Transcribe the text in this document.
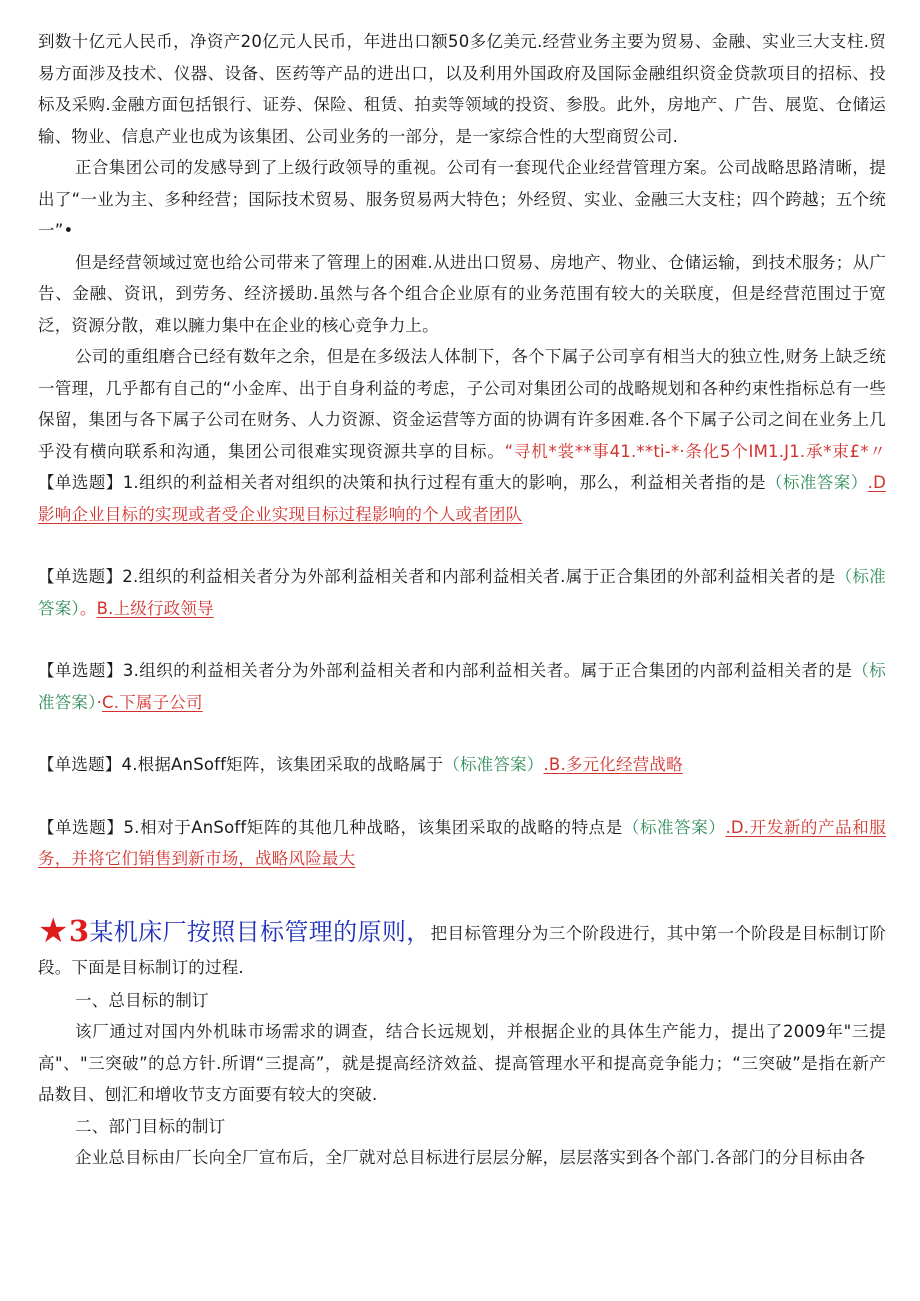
到数十亿元人民币，净资产20亿元人民币，年进出口额50多亿美元.经营业务主要为贸易、金融、实业三大支柱.贸易方面涉及技术、仪器、设备、医药等产品的进出口，以及利用外国政府及国际金融组织资金贷款项目的招标、投标及采购.金融方面包括银行、证券、保险、租赁、拍卖等领域的投资、参股。此外，房地产、广告、展览、仓储运输、物业、信息产业也成为该集团、公司业务的一部分，是一家综合性的大型商贸公司.

正合集团公司的发感导到了上级行政领导的重视。公司有一套现代企业经营管理方案。公司战略思路清晰，提出了“一业为主、多种经营；国际技术贸易、服务贸易两大特色；外经贸、实业、金融三大支柱；四个跨越；五个统一”•

但是经营领域过宽也给公司带来了管理上的困难.从进出口贸易、房地产、物业、仓储运输，到技术服务；从广告、金融、资讯，到劳务、经济援助.虽然与各个组合企业原有的业务范围有较大的关联度，但是经营范围过于宽泛，资源分散，难以臃力集中在企业的核心竞争力上。

公司的重组磨合已经有数年之余，但是在多级法人体制下，各个下属子公司享有相当大的独立性,财务上缺乏统一管理，几乎都有自己的“小金库、出于自身利益的考虑，子公司对集团公司的战略规划和各种约束性指标总有一些保留，集团与各下属子公司在财务、人力资源、资金运营等方面的协调有许多困难.各个下属子公司之间在业务上几乎没有横向联系和沟通，集团公司很难实现资源共享的目标。“寻机*裳**事41.**ti-*·条化5个IM1.J1.承*束£*〃【单选题】1.组织的利益相关者对组织的决策和执行过程有重大的影响，那么，利益相关者指的是（标准答案）.D影响企业目标的实现或者受企业实现目标过程影响的个人或者团队

【单选题】2.组织的利益相关者分为外部利益相关者和内部利益相关者.属于正合集团的外部利益相关者的是（标准答案）。B.上级行政领导

【单选题】3.组织的利益相关者分为外部利益相关者和内部利益相关者。属于正合集团的内部利益相关者的是（标准答案）·C.下属子公司

【单选题】4.根据AnSoff矩阵，该集团采取的战略属于（标准答案）.B.多元化经营战略

【单选题】5.相对于AnSoff矩阵的其他几种战略，该集团采取的战略的特点是（标准答案）.D.开发新的产品和服务，并将它们销售到新市场，战略风险最大

★3某机床厂按照目标管理的原则，把目标管理分为三个阶段进行，其中第一个阶段是目标制订阶段。下面是目标制订的过程.

一、总目标的制订

该厂通过对国内外机昧市场需求的调查，结合长远规划，并根据企业的具体生产能力，提出了2009年"三提高"、"三突破”的总方针.所谓“三提高”，就是提高经济效益、提高管理水平和提高竞争能力；“三突破”是指在新产品数目、刨汇和增收节支方面要有较大的突破.

二、部门目标的制订

企业总目标由厂长向全厂宣布后，全厂就对总目标进行层层分解，层层落实到各个部门.各部门的分目标由各
